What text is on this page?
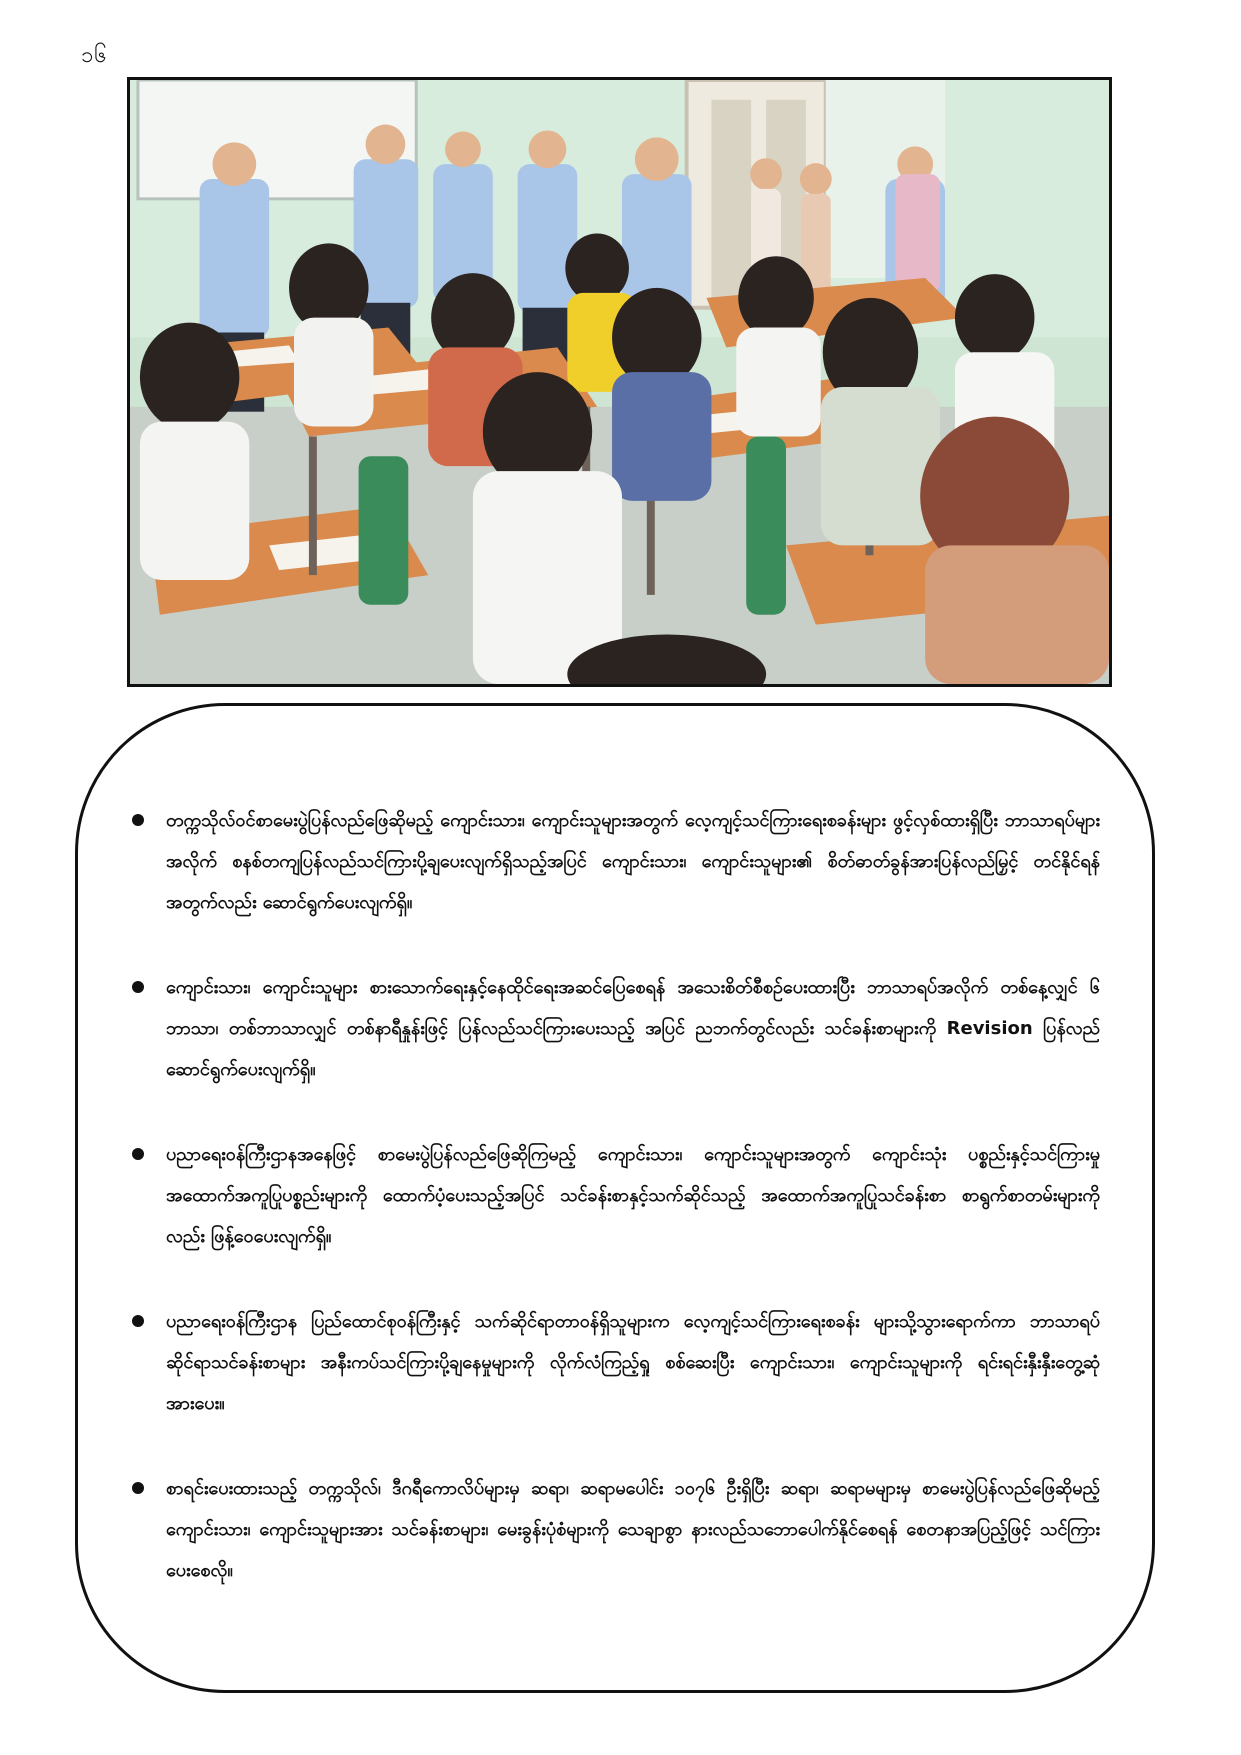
၁၆
တက္ကသိုလ်ဝင်စာမေးပွဲပြန်လည်ဖြေဆိုမည့် ကျောင်းသား၊ ကျောင်းသူများအတွက် လေ့ကျင့်သင်ကြားရေးစခန်းများ ဖွင့်လှစ်ထားရှိပြီး ဘာသာရပ်များအလိုက် စနစ်တကျပြန်လည်သင်ကြားပို့ချပေးလျက်ရှိသည့်အပြင် ကျောင်းသား၊ ကျောင်းသူများ၏ စိတ်ဓာတ်ခွန်အားပြန်လည်မြှင့် တင်နိုင်ရန်အတွက်လည်း ဆောင်ရွက်ပေးလျက်ရှိ။
ကျောင်းသား၊ ကျောင်းသူများ စားသောက်ရေးနှင့်နေထိုင်ရေးအဆင်ပြေစေရန် အသေးစိတ်စီစဉ်ပေးထားပြီး ဘာသာရပ်အလိုက် တစ်နေ့လျှင် ၆ ဘာသာ၊ တစ်ဘာသာလျှင် တစ်နာရီနှုန်းဖြင့် ပြန်လည်သင်ကြားပေးသည့် အပြင် ညဘက်တွင်လည်း သင်ခန်းစာများကို Revision ပြန်လည်ဆောင်ရွက်ပေးလျက်ရှိ။
ပညာရေးဝန်ကြီးဌာနအနေဖြင့် စာမေးပွဲပြန်လည်ဖြေဆိုကြမည့် ကျောင်းသား၊ ကျောင်းသူများအတွက် ကျောင်းသုံး ပစ္စည်းနှင့်သင်ကြားမှုအထောက်အကူပြုပစ္စည်းများကို ထောက်ပံ့ပေးသည့်အပြင် သင်ခန်းစာနှင့်သက်ဆိုင်သည့် အထောက်အကူပြုသင်ခန်းစာ စာရွက်စာတမ်းများကိုလည်း ဖြန့်ဝေပေးလျက်ရှိ။
ပညာရေးဝန်ကြီးဌာန ပြည်ထောင်စုဝန်ကြီးနှင့် သက်ဆိုင်ရာတာဝန်ရှိသူများက လေ့ကျင့်သင်ကြားရေးစခန်း များသို့သွားရောက်ကာ ဘာသာရပ်ဆိုင်ရာသင်ခန်းစာများ အနီးကပ်သင်ကြားပို့ချနေမှုများကို လိုက်လံကြည့်ရှု စစ်ဆေးပြီး ကျောင်းသား၊ ကျောင်းသူများကို ရင်းရင်းနှီးနှီးတွေ့ဆုံအားပေး။
စာရင်းပေးထားသည့် တက္ကသိုလ်၊ ဒီဂရီကောလိပ်များမှ ဆရာ၊ ဆရာမပေါင်း ၁၀၇၆ ဦးရှိပြီး ဆရာ၊ ဆရာမများမှ စာမေးပွဲပြန်လည်ဖြေဆိုမည့် ကျောင်းသား၊ ကျောင်းသူများအား သင်ခန်းစာများ၊ မေးခွန်းပုံစံများကို သေချာစွာ နားလည်သဘောပေါက်နိုင်စေရန် စေတနာအပြည့်ဖြင့် သင်ကြားပေးစေလို။
